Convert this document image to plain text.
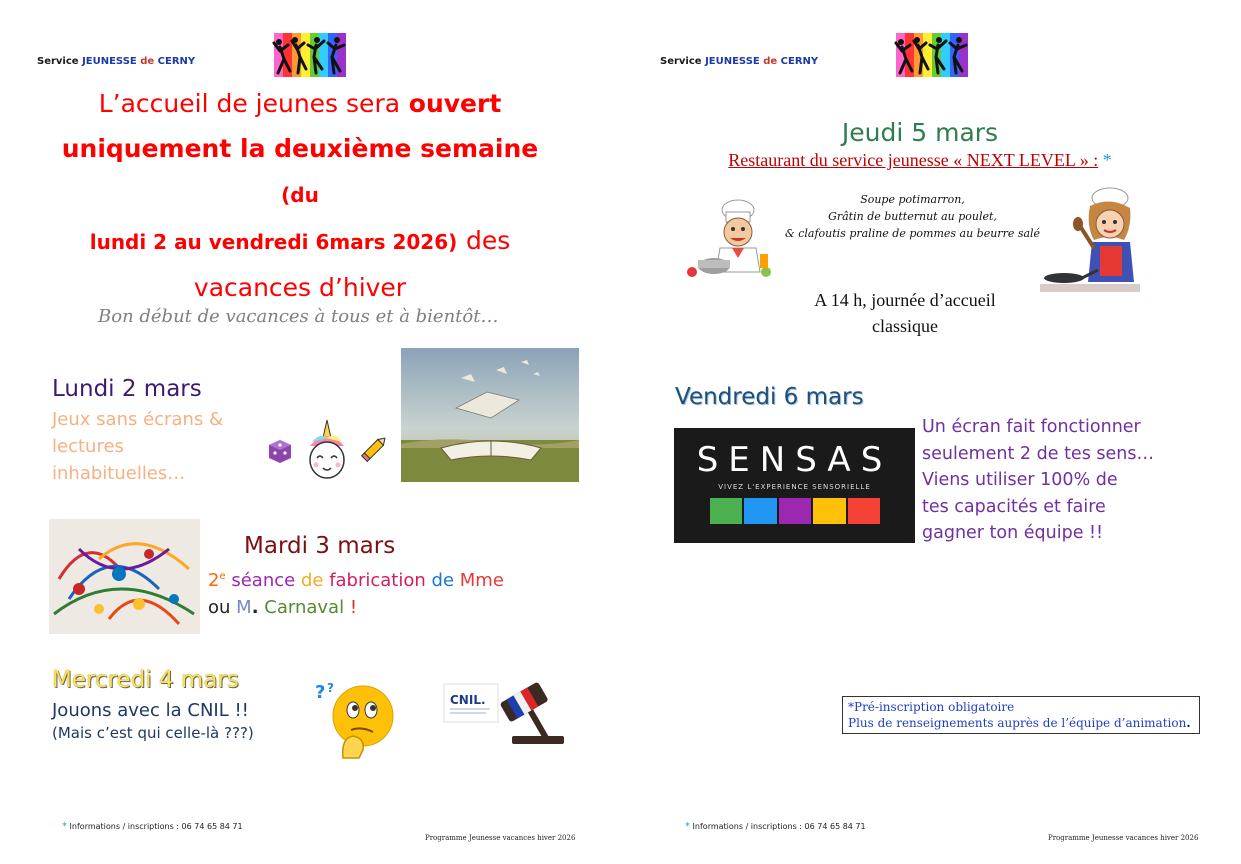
Service JEUNESSE de CERNY
L’accueil de jeunes sera ouvert
uniquement la deuxième semaine (du
lundi 2 au vendredi 6mars 2026) des
vacances d’hiver
Bon début de vacances à tous et à bientôt…
Lundi 2 mars
Jeux sans écrans &
lectures
inhabituelles…
Mardi 3 mars
2e séance de fabrication de Mme
ou M. Carnaval !
Mercredi 4 mars
Jouons avec la CNIL !!
(Mais c’est qui celle-là ???)
? ?
CNIL.
* Informations / inscriptions : 06 74 65 84 71
Programme Jeunesse vacances hiver 2026
Service JEUNESSE de CERNY
Jeudi 5 mars
Restaurant du service jeunesse « NEXT LEVEL » : *
Soupe potimarron,
Grâtin de butternut au poulet,
& clafoutis praline de pommes au beurre salé
A 14 h, journée d’accueil
classique
Vendredi 6 mars
SENSAS
VIVEZ L'EXPERIENCE SENSORIELLE
Un écran fait fonctionner
seulement 2 de tes sens…
Viens utiliser 100% de
tes capacités et faire
gagner ton équipe !!
*Pré-inscription obligatoire
Plus de renseignements auprès de l’équipe d’animation.
* Informations / inscriptions : 06 74 65 84 71
Programme Jeunesse vacances hiver 2026
